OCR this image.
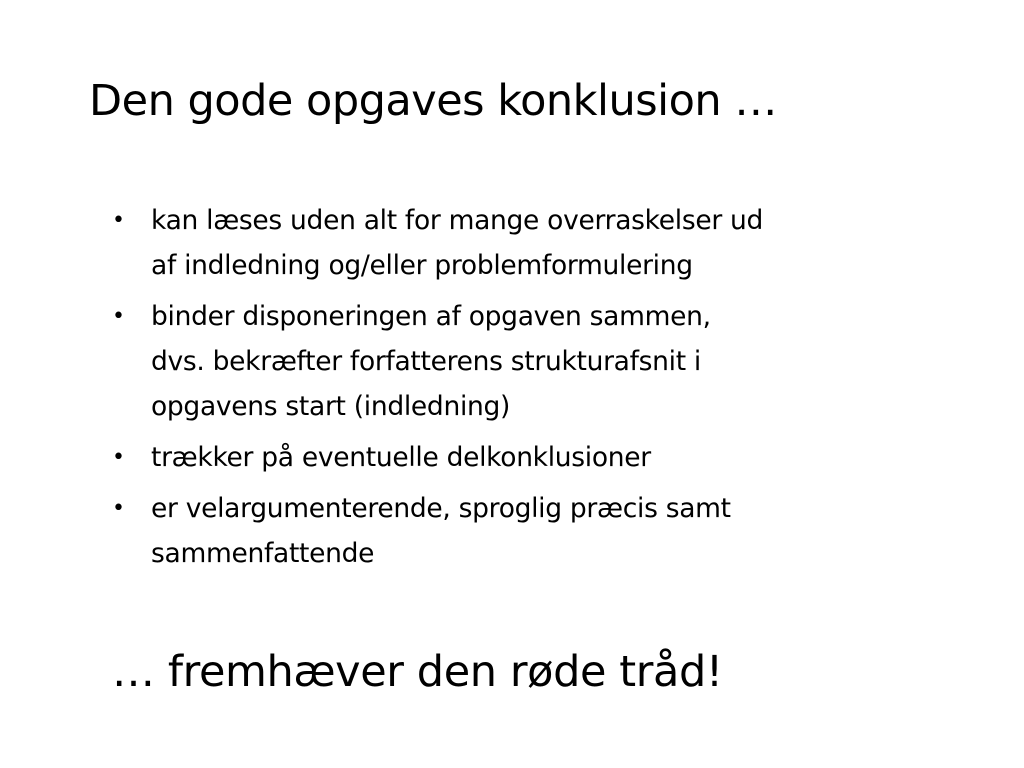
Den gode opgaves konklusion …
• kan læses uden alt for mange overraskelser ud
af indledning og/eller problemformulering
• binder disponeringen af opgaven sammen,
dvs. bekræfter forfatterens strukturafsnit i
opgavens start (indledning)
• trækker på eventuelle delkonklusioner
• er velargumenterende, sproglig præcis samt
sammenfattende
… fremhæver den røde tråd!
